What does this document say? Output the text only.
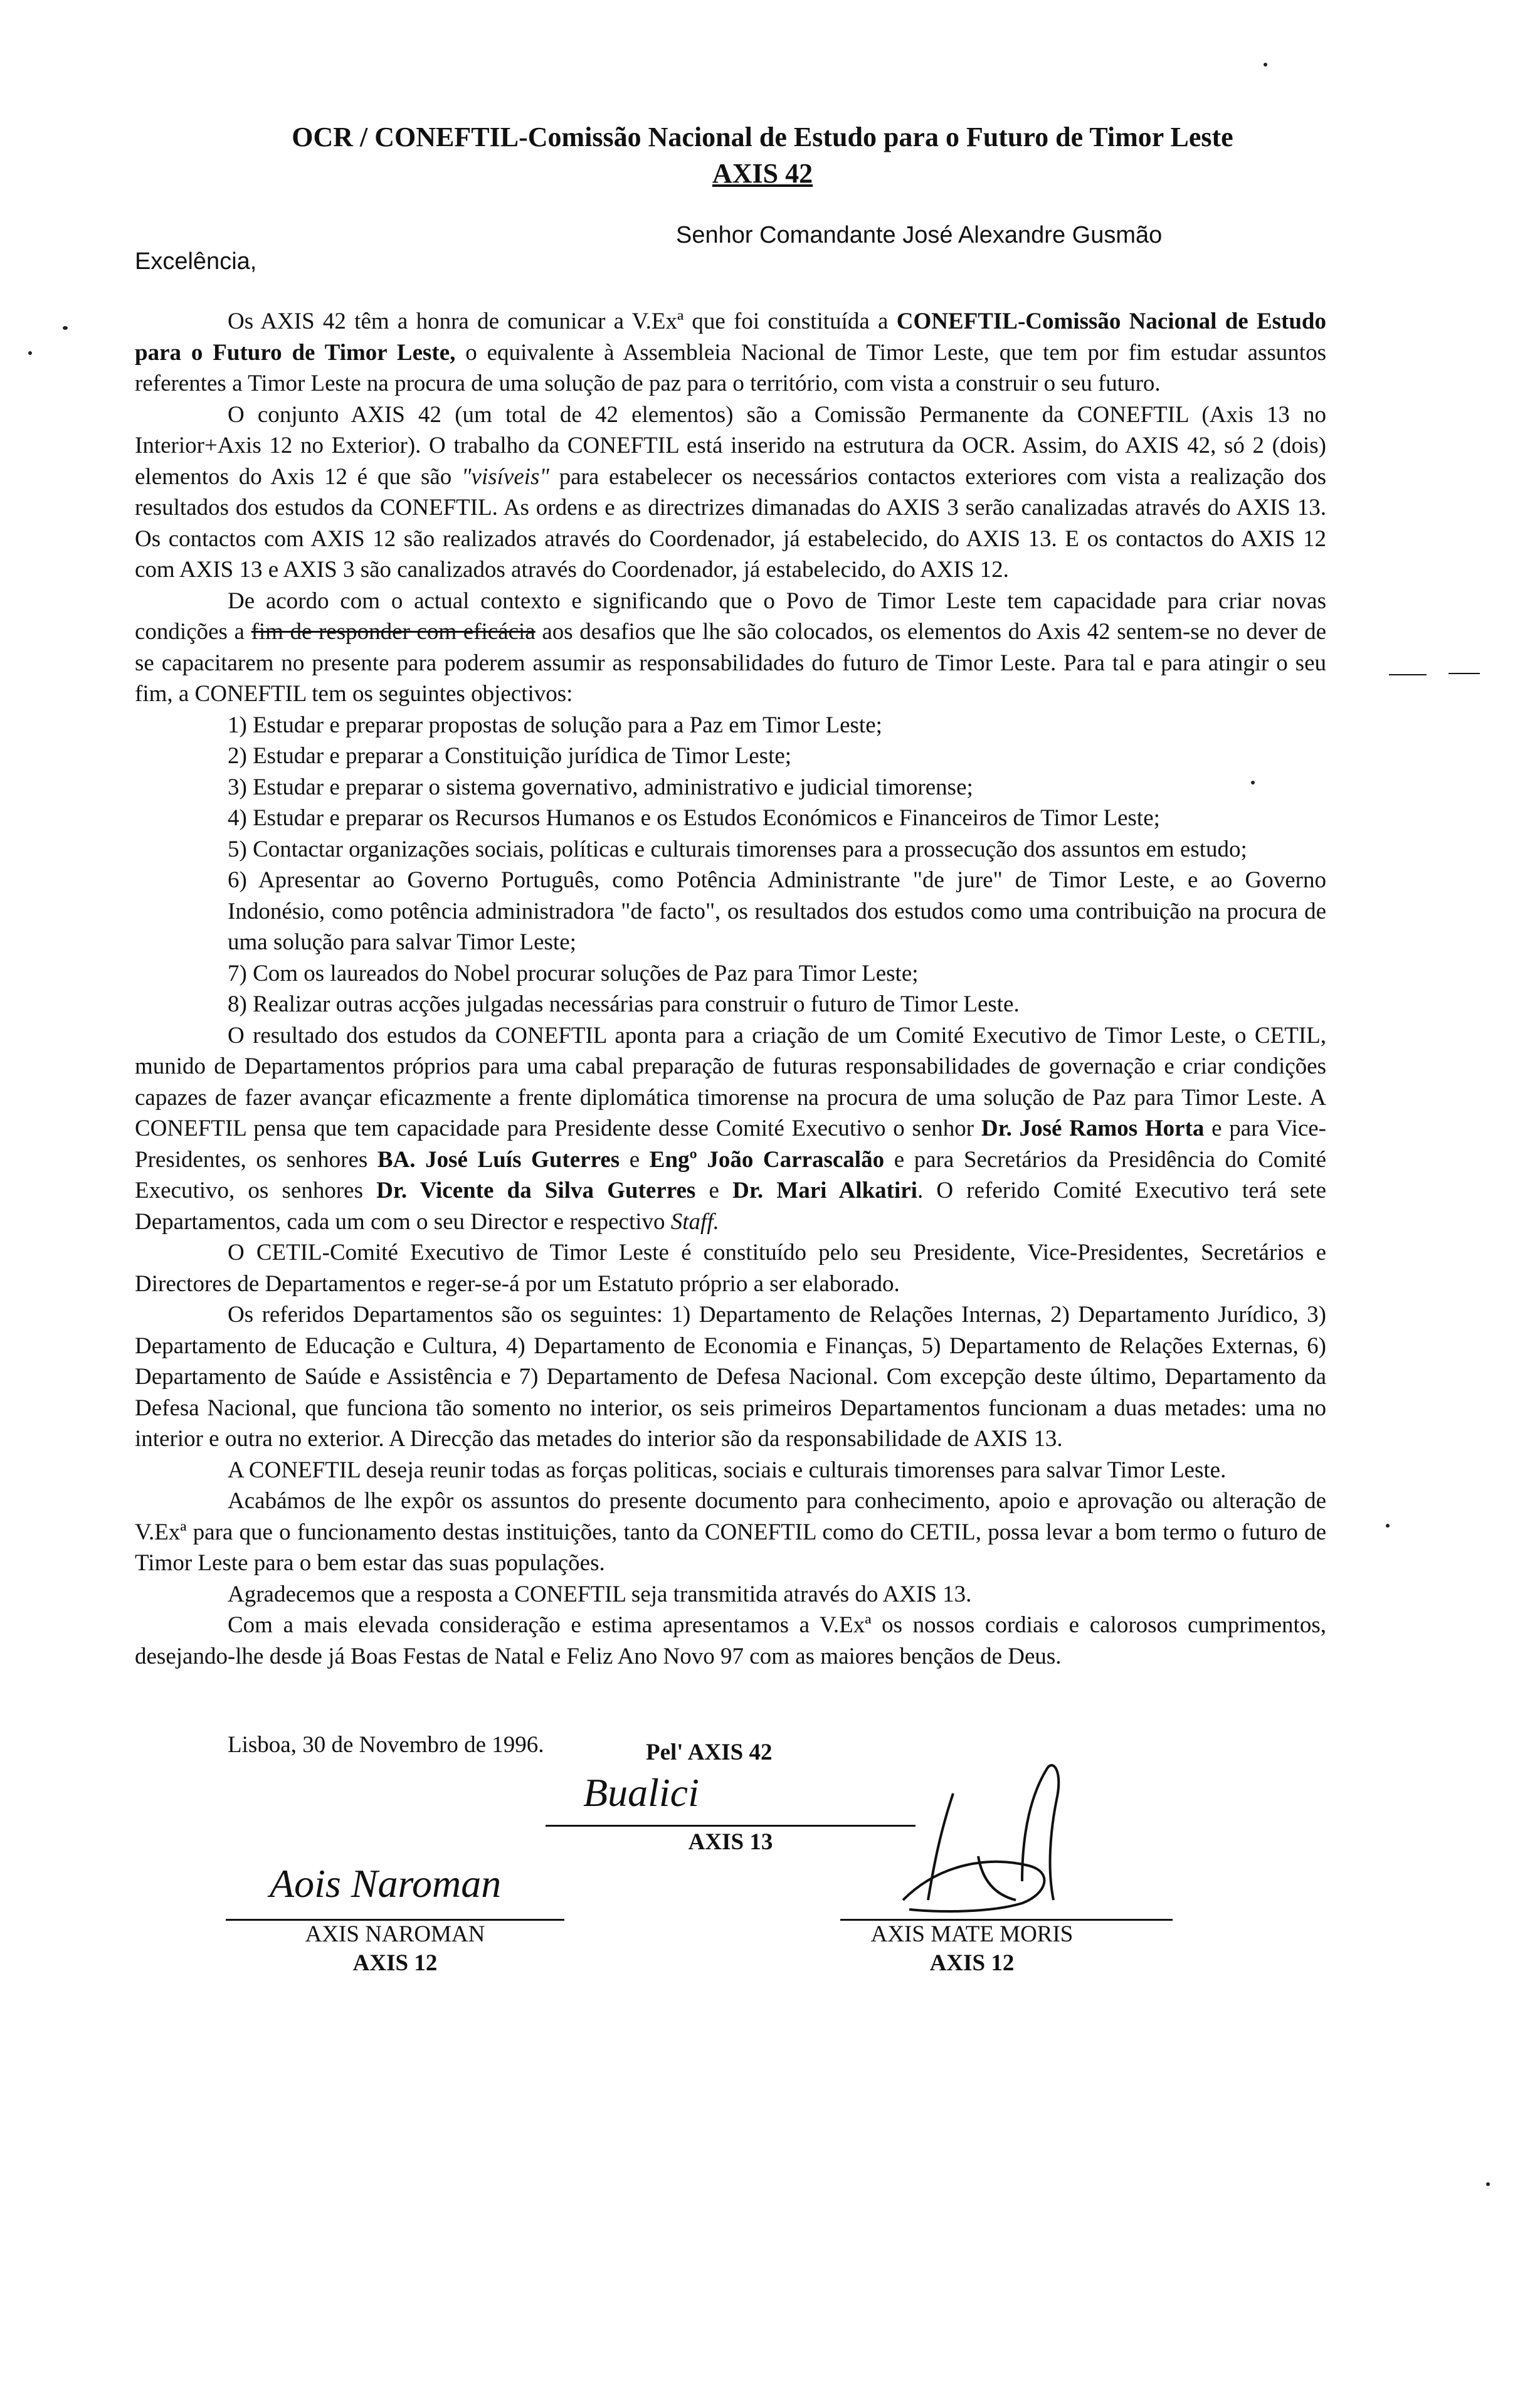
OCR / CONEFTIL-Comissão Nacional de Estudo para o Futuro de Timor Leste
AXIS 42
Senhor Comandante José Alexandre Gusmão
Excelência,

Os AXIS 42 têm a honra de comunicar a V.Exª que foi constituída a CONEFTIL-Comissão Nacional de Estudo para o Futuro de Timor Leste, o equivalente à Assembleia Nacional de Timor Leste, que tem por fim estudar assuntos referentes a Timor Leste na procura de uma solução de paz para o território, com vista a construir o seu futuro.

O conjunto AXIS 42 (um total de 42 elementos) são a Comissão Permanente da CONEFTIL (Axis 13 no Interior+Axis 12 no Exterior). O trabalho da CONEFTIL está inserido na estrutura da OCR. Assim, do AXIS 42, só 2 (dois) elementos do Axis 12 é que são "visíveis" para estabelecer os necessários contactos exteriores com vista a realização dos resultados dos estudos da CONEFTIL. As ordens e as directrizes dimanadas do AXIS 3 serão canalizadas através do AXIS 13. Os contactos com AXIS 12 são realizados através do Coordenador, já estabelecido, do AXIS 13. E os contactos do AXIS 12 com AXIS 13 e AXIS 3 são canalizados através do Coordenador, já estabelecido, do AXIS 12.

De acordo com o actual contexto e significando que o Povo de Timor Leste tem capacidade para criar novas condições a fim de responder com eficácia aos desafios que lhe são colocados, os elementos do Axis 42 sentem-se no dever de se capacitarem no presente para poderem assumir as responsabilidades do futuro de Timor Leste. Para tal e para atingir o seu fim, a CONEFTIL tem os seguintes objectivos:

1) Estudar e preparar propostas de solução para a Paz em Timor Leste;

2) Estudar e preparar a Constituição jurídica de Timor Leste;

3) Estudar e preparar o sistema governativo, administrativo e judicial timorense;

4) Estudar e preparar os Recursos Humanos e os Estudos Económicos e Financeiros de Timor Leste;

5) Contactar organizações sociais, políticas e culturais timorenses para a prossecução dos assuntos em estudo;

6) Apresentar ao Governo Português, como Potência Administrante "de jure" de Timor Leste, e ao Governo Indonésio, como potência administradora "de facto", os resultados dos estudos como uma contribuição na procura de uma solução para salvar Timor Leste;

7) Com os laureados do Nobel procurar soluções de Paz para Timor Leste;

8) Realizar outras acções julgadas necessárias para construir o futuro de Timor Leste.

O resultado dos estudos da CONEFTIL aponta para a criação de um Comité Executivo de Timor Leste, o CETIL, munido de Departamentos próprios para uma cabal preparação de futuras responsabilidades de governação e criar condições capazes de fazer avançar eficazmente a frente diplomática timorense na procura de uma solução de Paz para Timor Leste. A CONEFTIL pensa que tem capacidade para Presidente desse Comité Executivo o senhor Dr. José Ramos Horta e para Vice-Presidentes, os senhores BA. José Luís Guterres e Engº João Carrascalão e para Secretários da Presidência do Comité Executivo, os senhores Dr. Vicente da Silva Guterres e Dr. Mari Alkatiri. O referido Comité Executivo terá sete Departamentos, cada um com o seu Director e respectivo Staff.

O CETIL-Comité Executivo de Timor Leste é constituído pelo seu Presidente, Vice-Presidentes, Secretários e Directores de Departamentos e reger-se-á por um Estatuto próprio a ser elaborado.

Os referidos Departamentos são os seguintes: 1) Departamento de Relações Internas, 2) Departamento Jurídico, 3) Departamento de Educação e Cultura, 4) Departamento de Economia e Finanças, 5) Departamento de Relações Externas, 6) Departamento de Saúde e Assistência e 7) Departamento de Defesa Nacional. Com excepção deste último, Departamento da Defesa Nacional, que funciona tão somento no interior, os seis primeiros Departamentos funcionam a duas metades: uma no interior e outra no exterior. A Direcção das metades do interior são da responsabilidade de AXIS 13.

A CONEFTIL deseja reunir todas as forças politicas, sociais e culturais timorenses para salvar Timor Leste.

Acabámos de lhe expôr os assuntos do presente documento para conhecimento, apoio e aprovação ou alteração de V.Exª para que o funcionamento destas instituições, tanto da CONEFTIL como do CETIL, possa levar a bom termo o futuro de Timor Leste para o bem estar das suas populações.

Agradecemos que a resposta a CONEFTIL seja transmitida através do AXIS 13.

Com a mais elevada consideração e estima apresentamos a V.Exª os nossos cordiais e calorosos cumprimentos, desejando-lhe desde já Boas Festas de Natal e Feliz Ano Novo 97 com as maiores bençãos de Deus.

Lisboa, 30 de Novembro de 1996.	Pel' AXIS 42
Bualici
AXIS 13
Aois Naroman
AXIS NAROMAN
AXIS 12
AXIS MATE MORIS
AXIS 12
